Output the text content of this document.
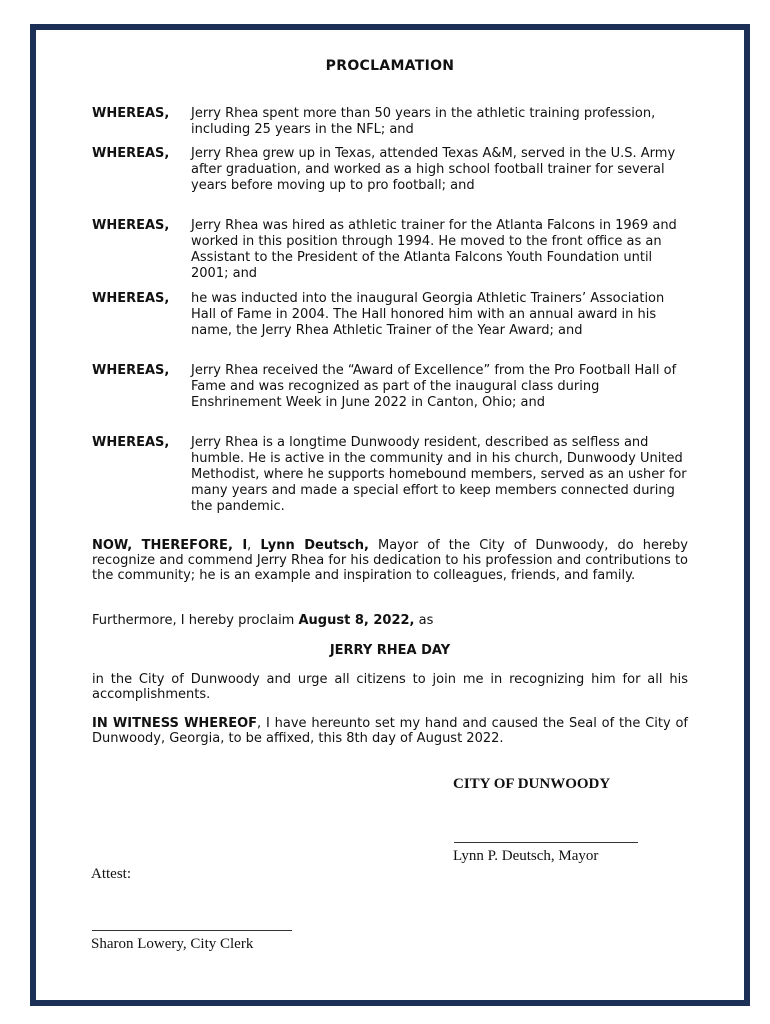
PROCLAMATION
WHEREAS,	Jerry Rhea spent more than 50 years in the athletic training profession, including 25 years in the NFL; and
WHEREAS,	Jerry Rhea grew up in Texas, attended Texas A&M, served in the U.S. Army after graduation, and worked as a high school football trainer for several years before moving up to pro football; and
WHEREAS,	Jerry Rhea was hired as athletic trainer for the Atlanta Falcons in 1969 and worked in this position through 1994. He moved to the front office as an Assistant to the President of the Atlanta Falcons Youth Foundation until 2001; and
WHEREAS,	he was inducted into the inaugural Georgia Athletic Trainers’ Association Hall of Fame in 2004. The Hall honored him with an annual award in his name, the Jerry Rhea Athletic Trainer of the Year Award; and
WHEREAS,	Jerry Rhea received the “Award of Excellence” from the Pro Football Hall of Fame and was recognized as part of the inaugural class during Enshrinement Week in June 2022 in Canton, Ohio; and
WHEREAS,	Jerry Rhea is a longtime Dunwoody resident, described as selfless and humble. He is active in the community and in his church, Dunwoody United Methodist, where he supports homebound members, served as an usher for many years and made a special effort to keep members connected during the pandemic.
NOW, THEREFORE, I, Lynn Deutsch, Mayor of the City of Dunwoody, do hereby recognize and commend Jerry Rhea for his dedication to his profession and contributions to the community; he is an example and inspiration to colleagues, friends, and family.
Furthermore, I hereby proclaim August 8, 2022, as
JERRY RHEA DAY
in the City of Dunwoody and urge all citizens to join me in recognizing him for all his accomplishments.
IN WITNESS WHEREOF, I have hereunto set my hand and caused the Seal of the City of Dunwoody, Georgia, to be affixed, this 8th day of August 2022.
CITY OF DUNWOODY
Lynn P. Deutsch, Mayor
Attest:
Sharon Lowery, City Clerk
